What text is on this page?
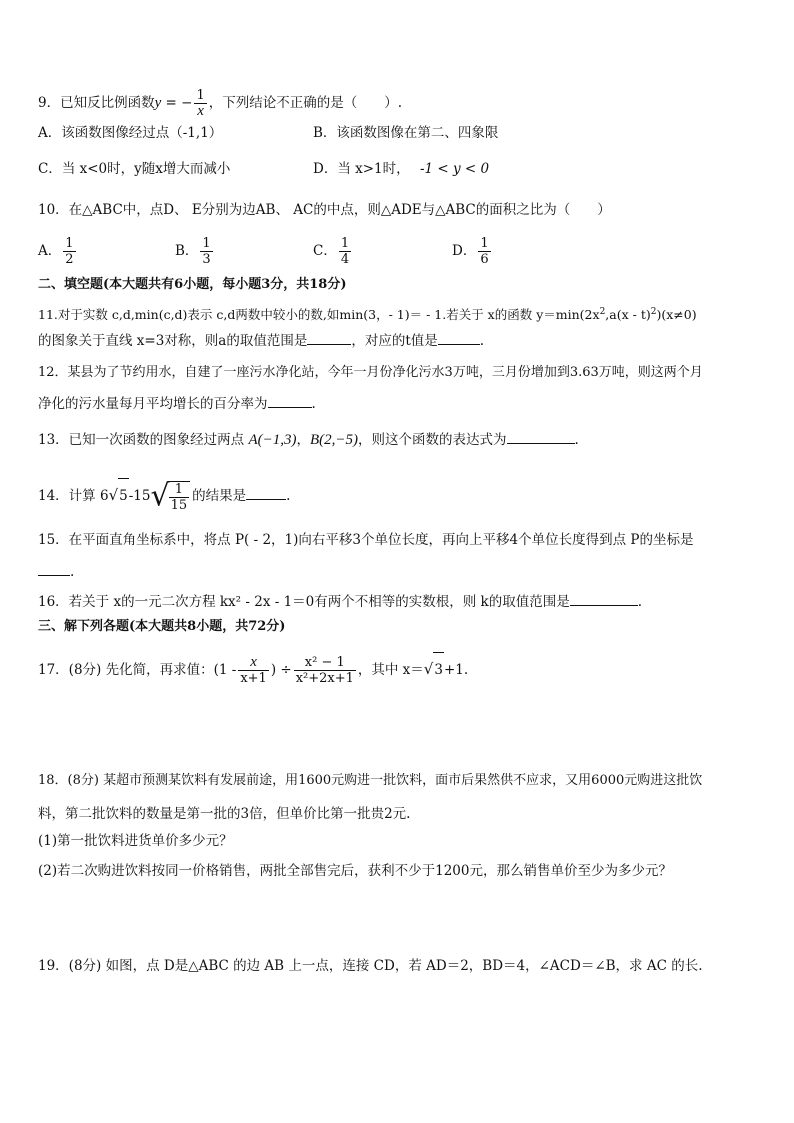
9．已知反比例函数y = − $\frac{1}{x}$ ，下列结论不正确的是（　　）.
A．该函数图像经过点（-1,1）	B．该函数图像在第二、四象限
C．当 x<0时，y随x增大而减小	D．当 x>1时， -1 < y < 0
10．在△ABC中，点D、 E分别为边AB、 AC的中点，则△ADE与△ABC的面积之比为（　　）
A． $\frac{1}{2}$	B． $\frac{1}{3}$	C． $\frac{1}{4}$	D． $\frac{1}{6}$
二、填空题(本大题共有6小题，每小题3分，共18分)
11.对于实数 c,d,min(c,d)表示 c,d两数中较小的数,如min(3，- 1)＝ - 1.若关于 x的函数 $y=\min(2x^2,a(x - t)^2)(x\ne 0)$
的图象关于直线 x=3对称，则a的取值范围是	，对应的t值是	.
12．某县为了节约用水，自建了一座污水净化站，今年一月份净化污水3万吨，三月份增加到3.63万吨，则这两个月
净化的污水量每月平均增长的百分率为	.
13．已知一次函数的图象经过两点 A(−1,3)，B(2,−5)，则这个函数的表达式为	.
14．计算 6√5-15√
$\frac{1}{15}$ 的结果是	.
15．在平面直角坐标系中，将点 P( - 2，1)向右平移3个单位长度，再向上平移4个单位长度得到点 P的坐标是
.
16．若关于 x的一元二次方程 kx² - 2x - 1＝0有两个不相等的实数根，则 k的取值范围是	.
三、解下列各题(本大题共8小题，共72分)
17．(8分) 先化简，再求值：($1 - \frac{x}{x+1}$ ) ÷ $\frac{\text{x² − 1}}{\text{x²+2x+1}}$ ，其中 x＝√3+1.
18．(8分) 某超市预测某饮料有发展前途，用1600元购进一批饮料，面市后果然供不应求，又用6000元购进这批饮
料，第二批饮料的数量是第一批的3倍，但单价比第一批贵2元.
(1)第一批饮料进货单价多少元？
(2)若二次购进饮料按同一价格销售，两批全部售完后，获利不少于1200元，那么销售单价至少为多少元？
19．(8分) 如图，点 D是△ABC 的边 AB 上一点，连接 CD，若 AD＝2，BD＝4，∠ACD＝∠B，求 AC 的长.
